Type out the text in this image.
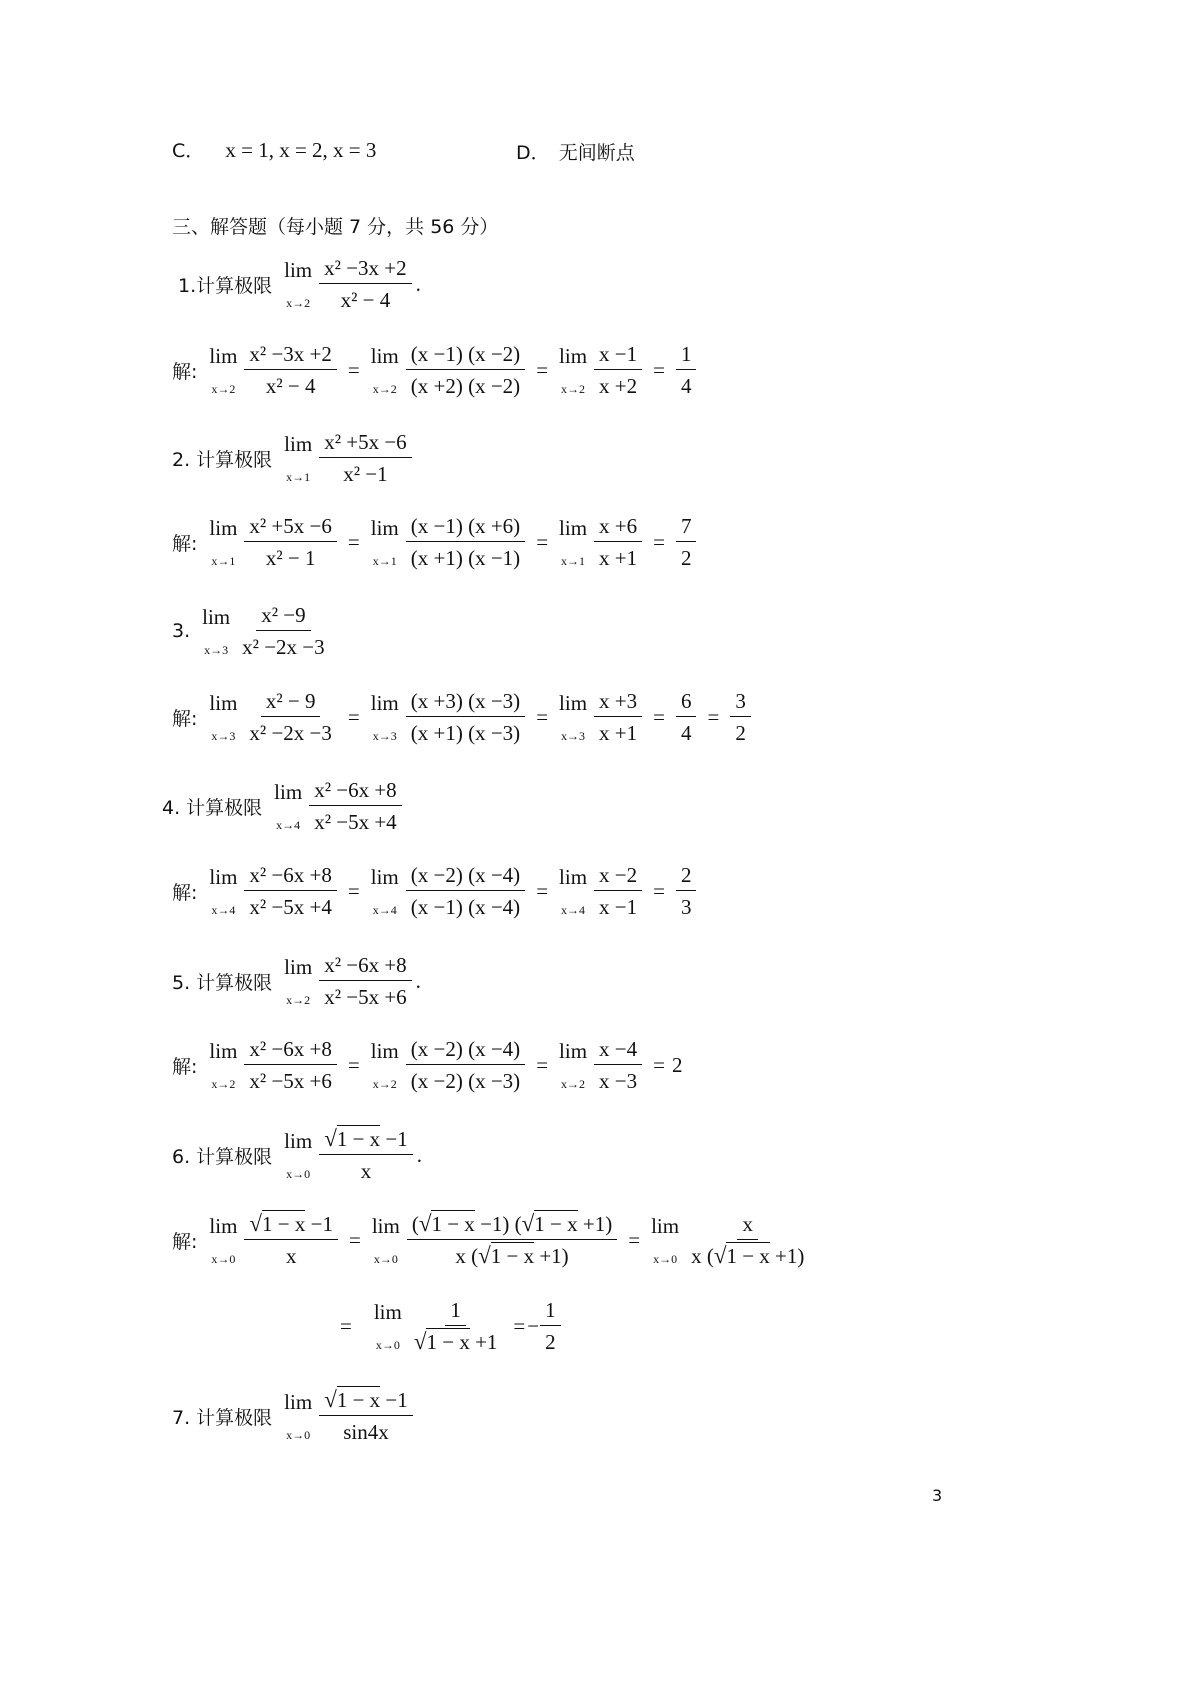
C． x = 1, x = 2, x = 3	D． 无间断点
三、解答题（每小题 7 分，共 56 分）
1.计算极限
lim
$x\to 2 \frac{\text{x² −3x +2}}{\text{x² − 4}}$ .
解:
lim
$x\to 2 \frac{\text{x² −3x +2}}{\text{x² − 4}}$ =
lim
$x\to 2 \frac{(x -1) (x -2)}{(x +2) (x -2)}$ =
lim
$x\to 2 \frac{x -1}{x +2} = \frac{1}{4}$
2. 计算极限
lim
$x\to 1 \frac{\text{x² +5x −6}}{\text{x² −1}}$
解:
lim
$x\to 1 \frac{\text{x² +5x −6}}{\text{x² − 1}}$ =
lim
$x\to 1 \frac{(x -1) (x +6)}{(x +1) (x -1)}$ =
lim
$x\to 1 \frac{x +6}{x +1} = \frac{7}{2}$
3.
lim
$x\to 3 \frac{\text{x² −9}}{\text{x² −2x −3}}$
解:
lim
$x\to 3 \frac{\text{x² − 9}}{\text{x² −2x −3}}$ =
lim
$x\to 3 \frac{(x +3) (x -3)}{(x +1) (x -3)}$ =
lim
$x\to 3 \frac{x +3}{x +1} = \frac{6}{4} = \frac{3}{2}$
4. 计算极限
lim
$x\to 4 \frac{\text{x² −6x +8}}{\text{x² −5x +4}}$
解:
lim
$x\to 4 \frac{\text{x² −6x +8}}{\text{x² −5x +4}}$ =
lim
$x\to 4 \frac{(x -2) (x -4)}{(x -1) (x -4)}$ =
lim
$x\to 4 \frac{x -2}{x -1} = \frac{2}{3}$
5. 计算极限
lim
$x\to 2 \frac{\text{x² −6x +8}}{\text{x² −5x +6}}$ .
解:
lim
$x\to 2 \frac{\text{x² −6x +8}}{\text{x² −5x +6}}$ =
lim
$x\to 2 \frac{(x -2) (x -4)}{(x -2) (x -3)}$ =
lim
$x\to 2 \frac{x -4}{x -3} = 2$
6. 计算极限
lim
$x\to 0 \frac{√1 - x -1}{x}$ .
解:
lim
$x\to 0 \frac{√1 - x -1}{x}$ =
lim
$x\to 0 \frac{(√1 - x -1) (√1 - x +1)}{x (√1 - x +1)}$ =
lim
$x\to 0 \frac{x}{x (√1 - x +1)}$
=
lim
$x\to 0 \frac{1}{√1 - x +1}$ = − $\frac{1}{2}$
7. 计算极限
lim
$x\to 0 \frac{√1 - x -1}{\sin 4x}$
3
